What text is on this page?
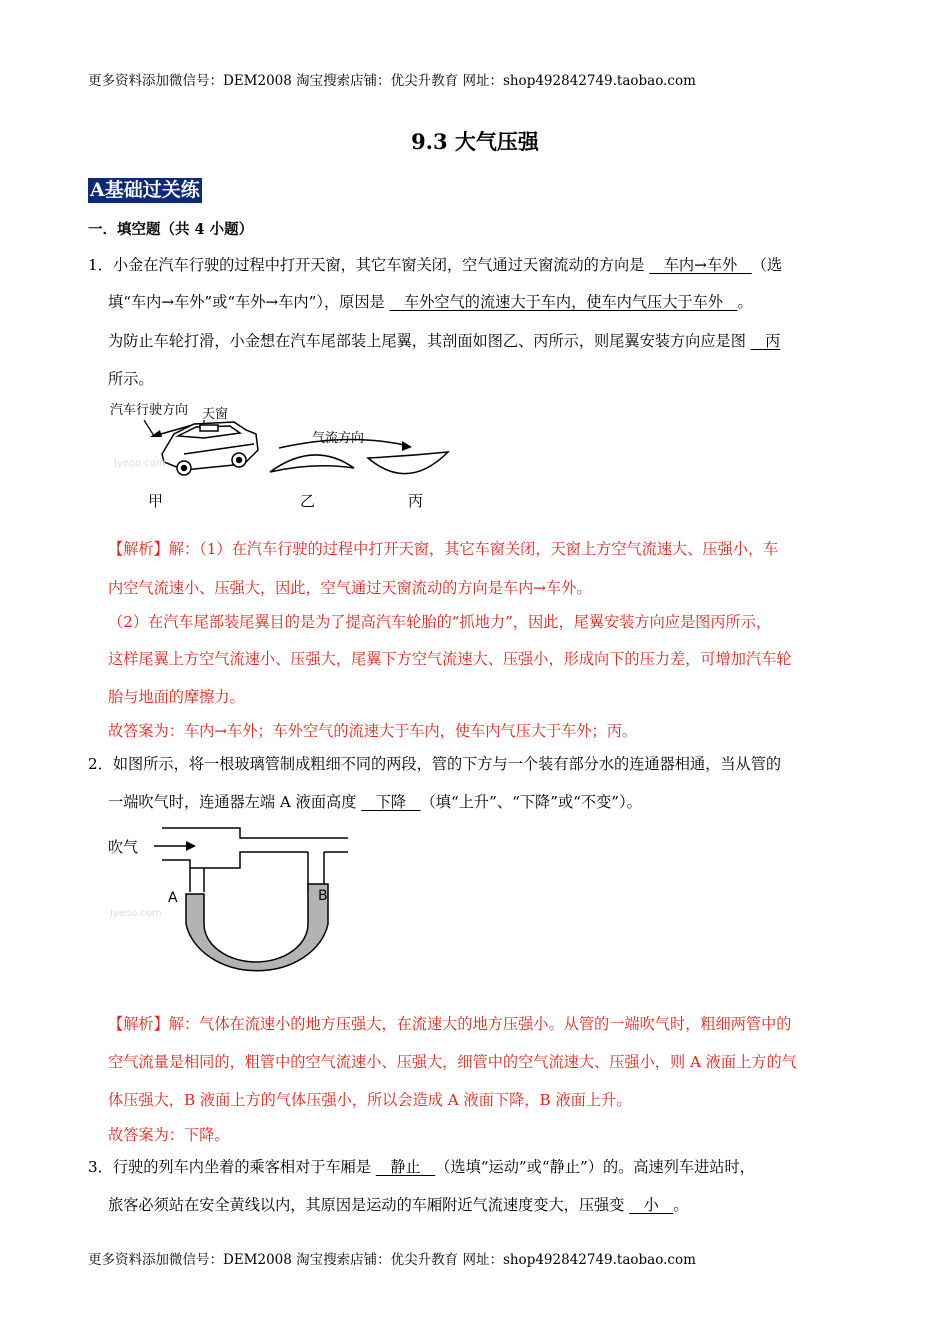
更多资料添加微信号：DEM2008 淘宝搜索店铺：优尖升教育 网址：shop492842749.taobao.com
9.3 大气压强
A基础过关练
一．填空题（共 4 小题）
1．小金在汽车行驶的过程中打开天窗，其它车窗关闭，空气通过天窗流动的方向是    车内→车外   （选
填“车内→车外”或“车外→车内”），原因是    车外空气的流速大于车内，使车内气压大于车外   。
为防止车轮打滑，小金想在汽车尾部装上尾翼，其剖面如图乙、丙所示，则尾翼安装方向应是图    丙
所示。
汽车行驶方向 天窗
Jyeoo.com
气流方向
甲	乙	丙
【解析】解：（1）在汽车行驶的过程中打开天窗，其它车窗关闭，天窗上方空气流速大、压强小，车
内空气流速小、压强大，因此，空气通过天窗流动的方向是车内→车外。
（2）在汽车尾部装尾翼目的是为了提高汽车轮胎的“抓地力”，因此，尾翼安装方向应是图丙所示，
这样尾翼上方空气流速小、压强大，尾翼下方空气流速大、压强小，形成向下的压力差，可增加汽车轮
胎与地面的摩擦力。
故答案为：车内→车外；车外空气的流速大于车内，使车内气压大于车外；丙。
2．如图所示，将一根玻璃管制成粗细不同的两段，管的下方与一个装有部分水的连通器相通，当从管的
一端吹气时，连通器左端 A 液面高度    下降   （填“上升”、“下降”或“不变”）。
吹气
A	B
Jyeoo.com
【解析】解：气体在流速小的地方压强大，在流速大的地方压强小。从管的一端吹气时，粗细两管中的
空气流量是相同的，粗管中的空气流速小、压强大，细管中的空气流速大、压强小，则 A 液面上方的气
体压强大，B 液面上方的气体压强小，所以会造成 A 液面下降，B 液面上升。
故答案为：下降。
3．行驶的列车内坐着的乘客相对于车厢是    静止   （选填“运动”或“静止”）的。高速列车进站时，
旅客必须站在安全黄线以内，其原因是运动的车厢附近气流速度变大，压强变    小   。
更多资料添加微信号：DEM2008 淘宝搜索店铺：优尖升教育 网址：shop492842749.taobao.com
